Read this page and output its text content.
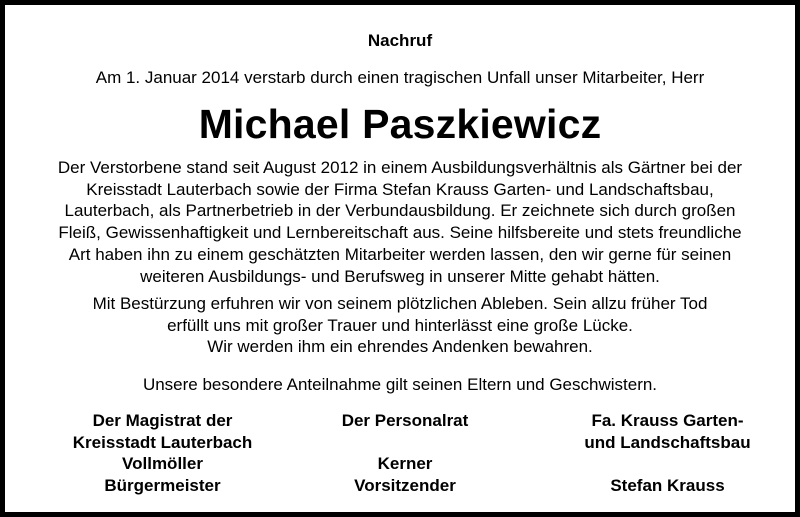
Nachruf
Am 1. Januar 2014 verstarb durch einen tragischen Unfall unser Mitarbeiter, Herr
Michael Paszkiewicz
Der Verstorbene stand seit August 2012 in einem Ausbildungsverhältnis als Gärtner bei der
Kreisstadt Lauterbach sowie der Firma Stefan Krauss Garten- und Landschaftsbau,
Lauterbach, als Partnerbetrieb in der Verbundausbildung. Er zeichnete sich durch großen
Fleiß, Gewissenhaftigkeit und Lernbereitschaft aus. Seine hilfsbereite und stets freundliche
Art haben ihn zu einem geschätzten Mitarbeiter werden lassen, den wir gerne für seinen
weiteren Ausbildungs- und Berufsweg in unserer Mitte gehabt hätten.
Mit Bestürzung erfuhren wir von seinem plötzlichen Ableben. Sein allzu früher Tod
erfüllt uns mit großer Trauer und hinterlässt eine große Lücke.
Wir werden ihm ein ehrendes Andenken bewahren.
Unsere besondere Anteilnahme gilt seinen Eltern und Geschwistern.
Der Magistrat der
Kreisstadt Lauterbach
Vollmöller
Bürgermeister
Der Personalrat

Kerner
Vorsitzender
Fa. Krauss Garten-
und Landschaftsbau

Stefan Krauss
